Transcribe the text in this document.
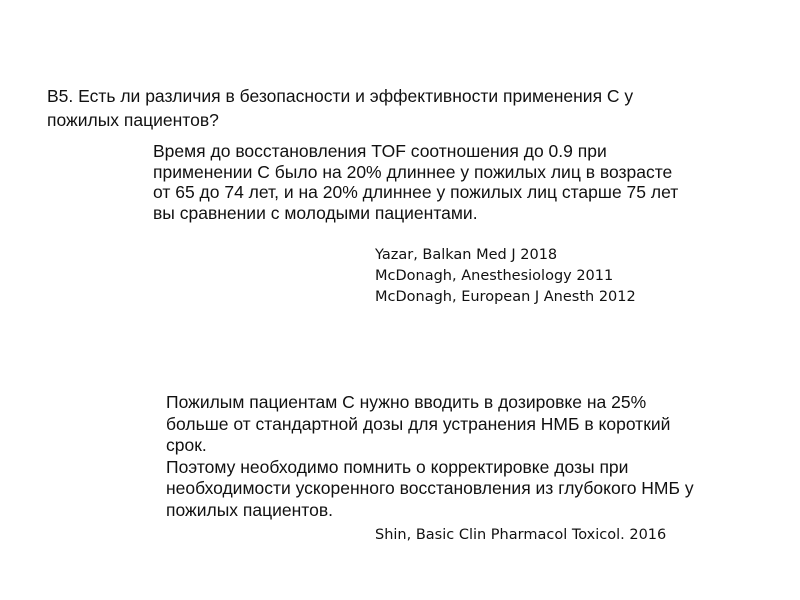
В5. Есть ли различия в безопасности и эффективности применения С у
пожилых пациентов?
Время до восстановления TOF соотношения до 0.9 при
применении С было на 20% длиннее у пожилых лиц в возрасте
от 65 до 74 лет, и на 20% длиннее у пожилых лиц старше 75 лет
вы сравнении с молодыми пациентами.
Yazar, Balkan Med J 2018
McDonagh, Anesthesiology 2011
McDonagh, European J Anesth 2012
Пожилым пациентам С нужно вводить в дозировке на 25%
больше от стандартной дозы для устранения НМБ в короткий
срок.
Поэтому необходимо помнить о корректировке дозы при
необходимости ускоренного восстановления из глубокого НМБ у
пожилых пациентов.
Shin, Basic Clin Pharmacol Toxicol. 2016
